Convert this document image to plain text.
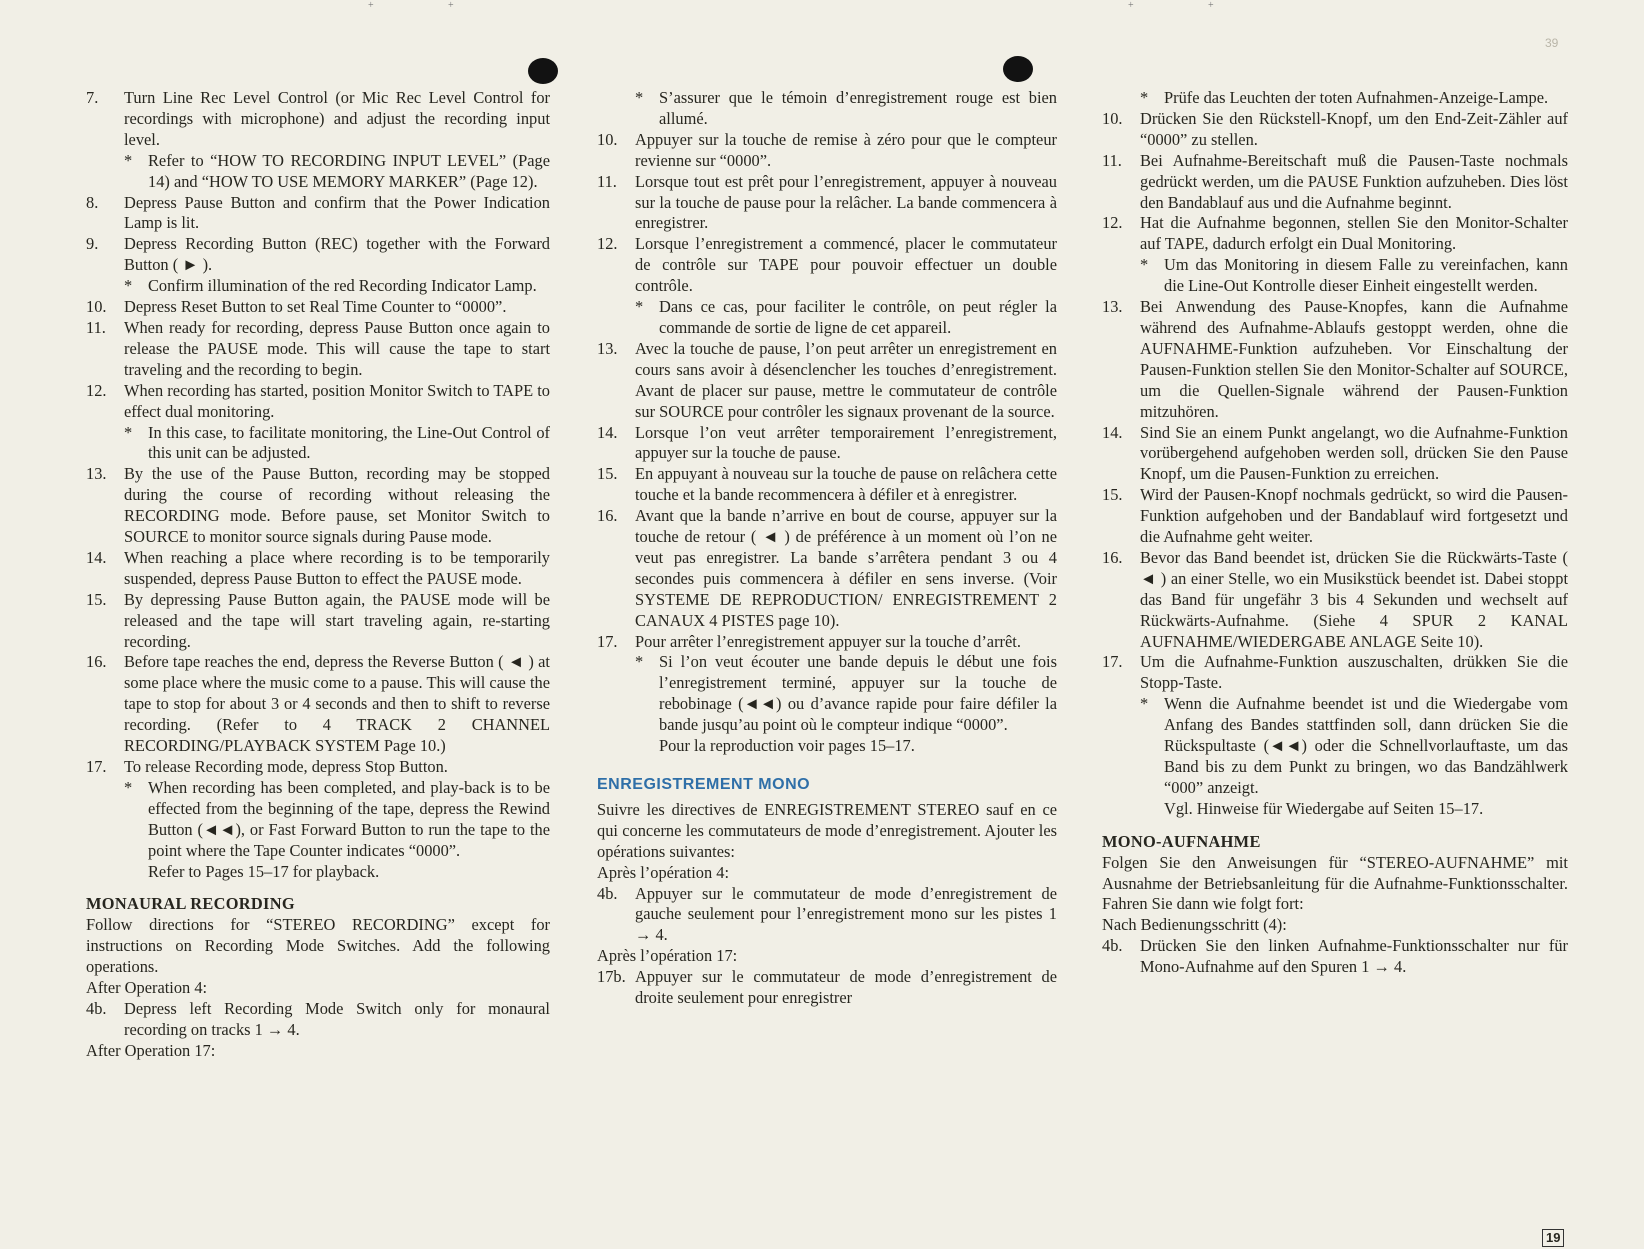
+	+	+	+
39
7.	Turn Line Rec Level Control (or Mic Rec Level Control for recordings with microphone) and adjust the recording input level.
* Refer to “HOW TO RECORDING INPUT LEVEL” (Page 14) and “HOW TO USE MEMORY MARKER” (Page 12).
8.	Depress Pause Button and confirm that the Power Indication Lamp is lit.
9.	Depress Recording Button (REC) together with the Forward Button ( ► ).
* Confirm illumination of the red Recording Indicator Lamp.
10.	Depress Reset Button to set Real Time Counter to “0000”.
11.	When ready for recording, depress Pause Button once again to release the PAUSE mode. This will cause the tape to start traveling and the recording to begin.
12.	When recording has started, position Monitor Switch to TAPE to effect dual monitoring.
* In this case, to facilitate monitoring, the Line-Out Control of this unit can be adjusted.
13.	By the use of the Pause Button, recording may be stopped during the course of recording without releasing the RECORDING mode. Before pause, set Monitor Switch to SOURCE to monitor source signals during Pause mode.
14.	When reaching a place where recording is to be temporarily suspended, depress Pause Button to effect the PAUSE mode.
15.	By depressing Pause Button again, the PAUSE mode will be released and the tape will start traveling again, re-starting recording.
16.	Before tape reaches the end, depress the Reverse Button ( ◄ ) at some place where the music come to a pause. This will cause the tape to stop for about 3 or 4 seconds and then to shift to reverse recording. (Refer to 4 TRACK 2 CHANNEL RECORDING/PLAYBACK SYSTEM Page 10.)
17.	To release Recording mode, depress Stop Button.
* When recording has been completed, and play-back is to be effected from the beginning of the tape, depress the Rewind Button (◄◄), or Fast Forward Button to run the tape to the point where the Tape Counter indicates “0000”.

Refer to Pages 15–17 for playback.

MONAURAL RECORDING

Follow directions for “STEREO RECORDING” except for instructions on Recording Mode Switches. Add the following operations.

After Operation 4:

4b.	Depress left Recording Mode Switch only for monaural recording on tracks 1 → 4.

After Operation 17:

* S’assurer que le témoin d’enregistrement rouge est bien allumé.
10.	Appuyer sur la touche de remise à zéro pour que le compteur revienne sur “0000”.
11.	Lorsque tout est prêt pour l’enregistrement, appuyer à nouveau sur la touche de pause pour la relâcher. La bande commencera à enregistrer.
12.	Lorsque l’enregistrement a commencé, placer le commutateur de contrôle sur TAPE pour pouvoir effectuer un double contrôle.
* Dans ce cas, pour faciliter le contrôle, on peut régler la commande de sortie de ligne de cet appareil.
13.	Avec la touche de pause, l’on peut arrêter un enregistrement en cours sans avoir à désenclencher les touches d’enregistrement. Avant de placer sur pause, mettre le commutateur de contrôle sur SOURCE pour contrôler les signaux provenant de la source.
14.	Lorsque l’on veut arrêter temporairement l’enregistrement, appuyer sur la touche de pause.
15.	En appuyant à nouveau sur la touche de pause on relâchera cette touche et la bande recommencera à défiler et à enregistrer.
16.	Avant que la bande n’arrive en bout de course, appuyer sur la touche de retour ( ◄ ) de préférence à un moment où l’on ne veut pas enregistrer. La bande s’arrêtera pendant 3 ou 4 secondes puis commencera à défiler en sens inverse. (Voir SYSTEME DE REPRODUCTION/ ENREGISTREMENT 2 CANAUX 4 PISTES page 10).
17.	Pour arrêter l’enregistrement appuyer sur la touche d’arrêt.
* Si l’on veut écouter une bande depuis le début une fois l’enregistrement terminé, appuyer sur la touche de rebobinage (◄◄) ou d’avance rapide pour faire défiler la bande jusqu’au point où le compteur indique “0000”.

Pour la reproduction voir pages 15–17.

ENREGISTREMENT MONO

Suivre les directives de ENREGISTREMENT STEREO sauf en ce qui concerne les commutateurs de mode d’enregistrement. Ajouter les opérations suivantes:

Après l’opération 4:

4b.	Appuyer sur le commutateur de mode d’enregistrement de gauche seulement pour l’enregistrement mono sur les pistes 1 → 4.

Après l’opération 17:

17b. Appuyer sur le commutateur de mode d’enregistrement de droite seulement pour enregistrer
* Prüfe das Leuchten der toten Aufnahmen-Anzeige-Lampe.
10.	Drücken Sie den Rückstell-Knopf, um den End-Zeit-Zähler auf “0000” zu stellen.
11.	Bei Aufnahme-Bereitschaft muß die Pausen-Taste nochmals gedrückt werden, um die PAUSE Funktion aufzuheben. Dies löst den Bandablauf aus und die Aufnahme beginnt.
12.	Hat die Aufnahme begonnen, stellen Sie den Monitor-Schalter auf TAPE, dadurch erfolgt ein Dual Monitoring.
* Um das Monitoring in diesem Falle zu vereinfachen, kann die Line-Out Kontrolle dieser Einheit eingestellt werden.
13.	Bei Anwendung des Pause-Knopfes, kann die Aufnahme während des Aufnahme-Ablaufs gestoppt werden, ohne die AUFNAHME-Funktion aufzuheben. Vor Einschaltung der Pausen-Funktion stellen Sie den Monitor-Schalter auf SOURCE, um die Quellen-Signale während der Pausen-Funktion mitzuhören.
14.	Sind Sie an einem Punkt angelangt, wo die Aufnahme-Funktion vorübergehend aufgehoben werden soll, drücken Sie den Pause Knopf, um die Pausen-Funktion zu erreichen.
15.	Wird der Pausen-Knopf nochmals gedrückt, so wird die Pausen-Funktion aufgehoben und der Bandablauf wird fortgesetzt und die Aufnahme geht weiter.
16.	Bevor das Band beendet ist, drücken Sie die Rückwärts-Taste ( ◄ ) an einer Stelle, wo ein Musikstück beendet ist. Dabei stoppt das Band für ungefähr 3 bis 4 Sekunden und wechselt auf Rückwärts-Aufnahme. (Siehe 4 SPUR 2 KANAL AUFNAHME/WIEDERGABE ANLAGE Seite 10).
17.	Um die Aufnahme-Funktion auszuschalten, drükken Sie die Stopp-Taste.
* Wenn die Aufnahme beendet ist und die Wiedergabe vom Anfang des Bandes stattfinden soll, dann drücken Sie die Rückspultaste (◄◄) oder die Schnellvorlauftaste, um das Band bis zu dem Punkt zu bringen, wo das Bandzählwerk “000” anzeigt.

Vgl. Hinweise für Wiedergabe auf Seiten 15–17.

MONO-AUFNAHME

Folgen Sie den Anweisungen für “STEREO-AUFNAHME” mit Ausnahme der Betriebsanleitung für die Aufnahme-Funktionsschalter. Fahren Sie dann wie folgt fort:

Nach Bedienungsschritt (4):

4b.	Drücken Sie den linken Aufnahme-Funktionsschalter nur für Mono-Aufnahme auf den Spuren 1 → 4.
19
